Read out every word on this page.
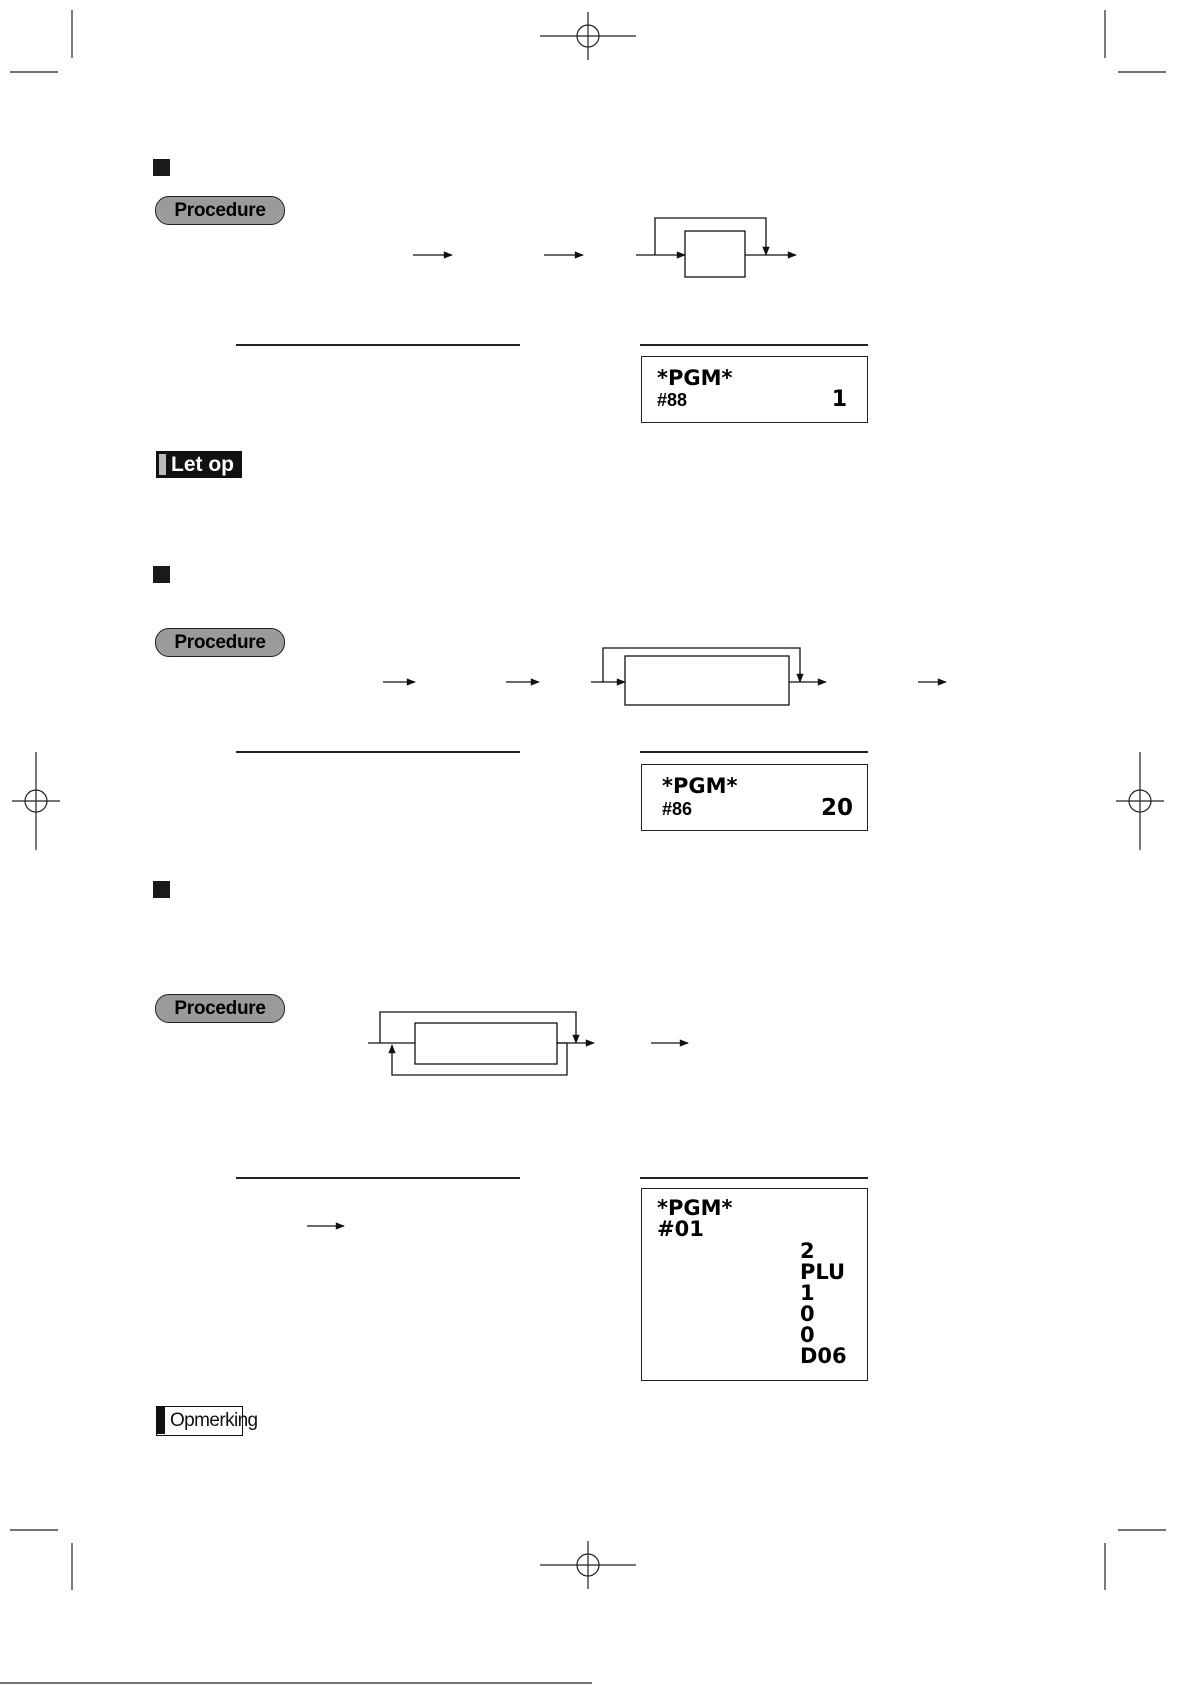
Procedure
*PGM*
#88	1
Let op
Procedure
*PGM*
#86	20
Procedure
*PGM*
#01
2
PLU
1
0
0
D06
Opmerking
